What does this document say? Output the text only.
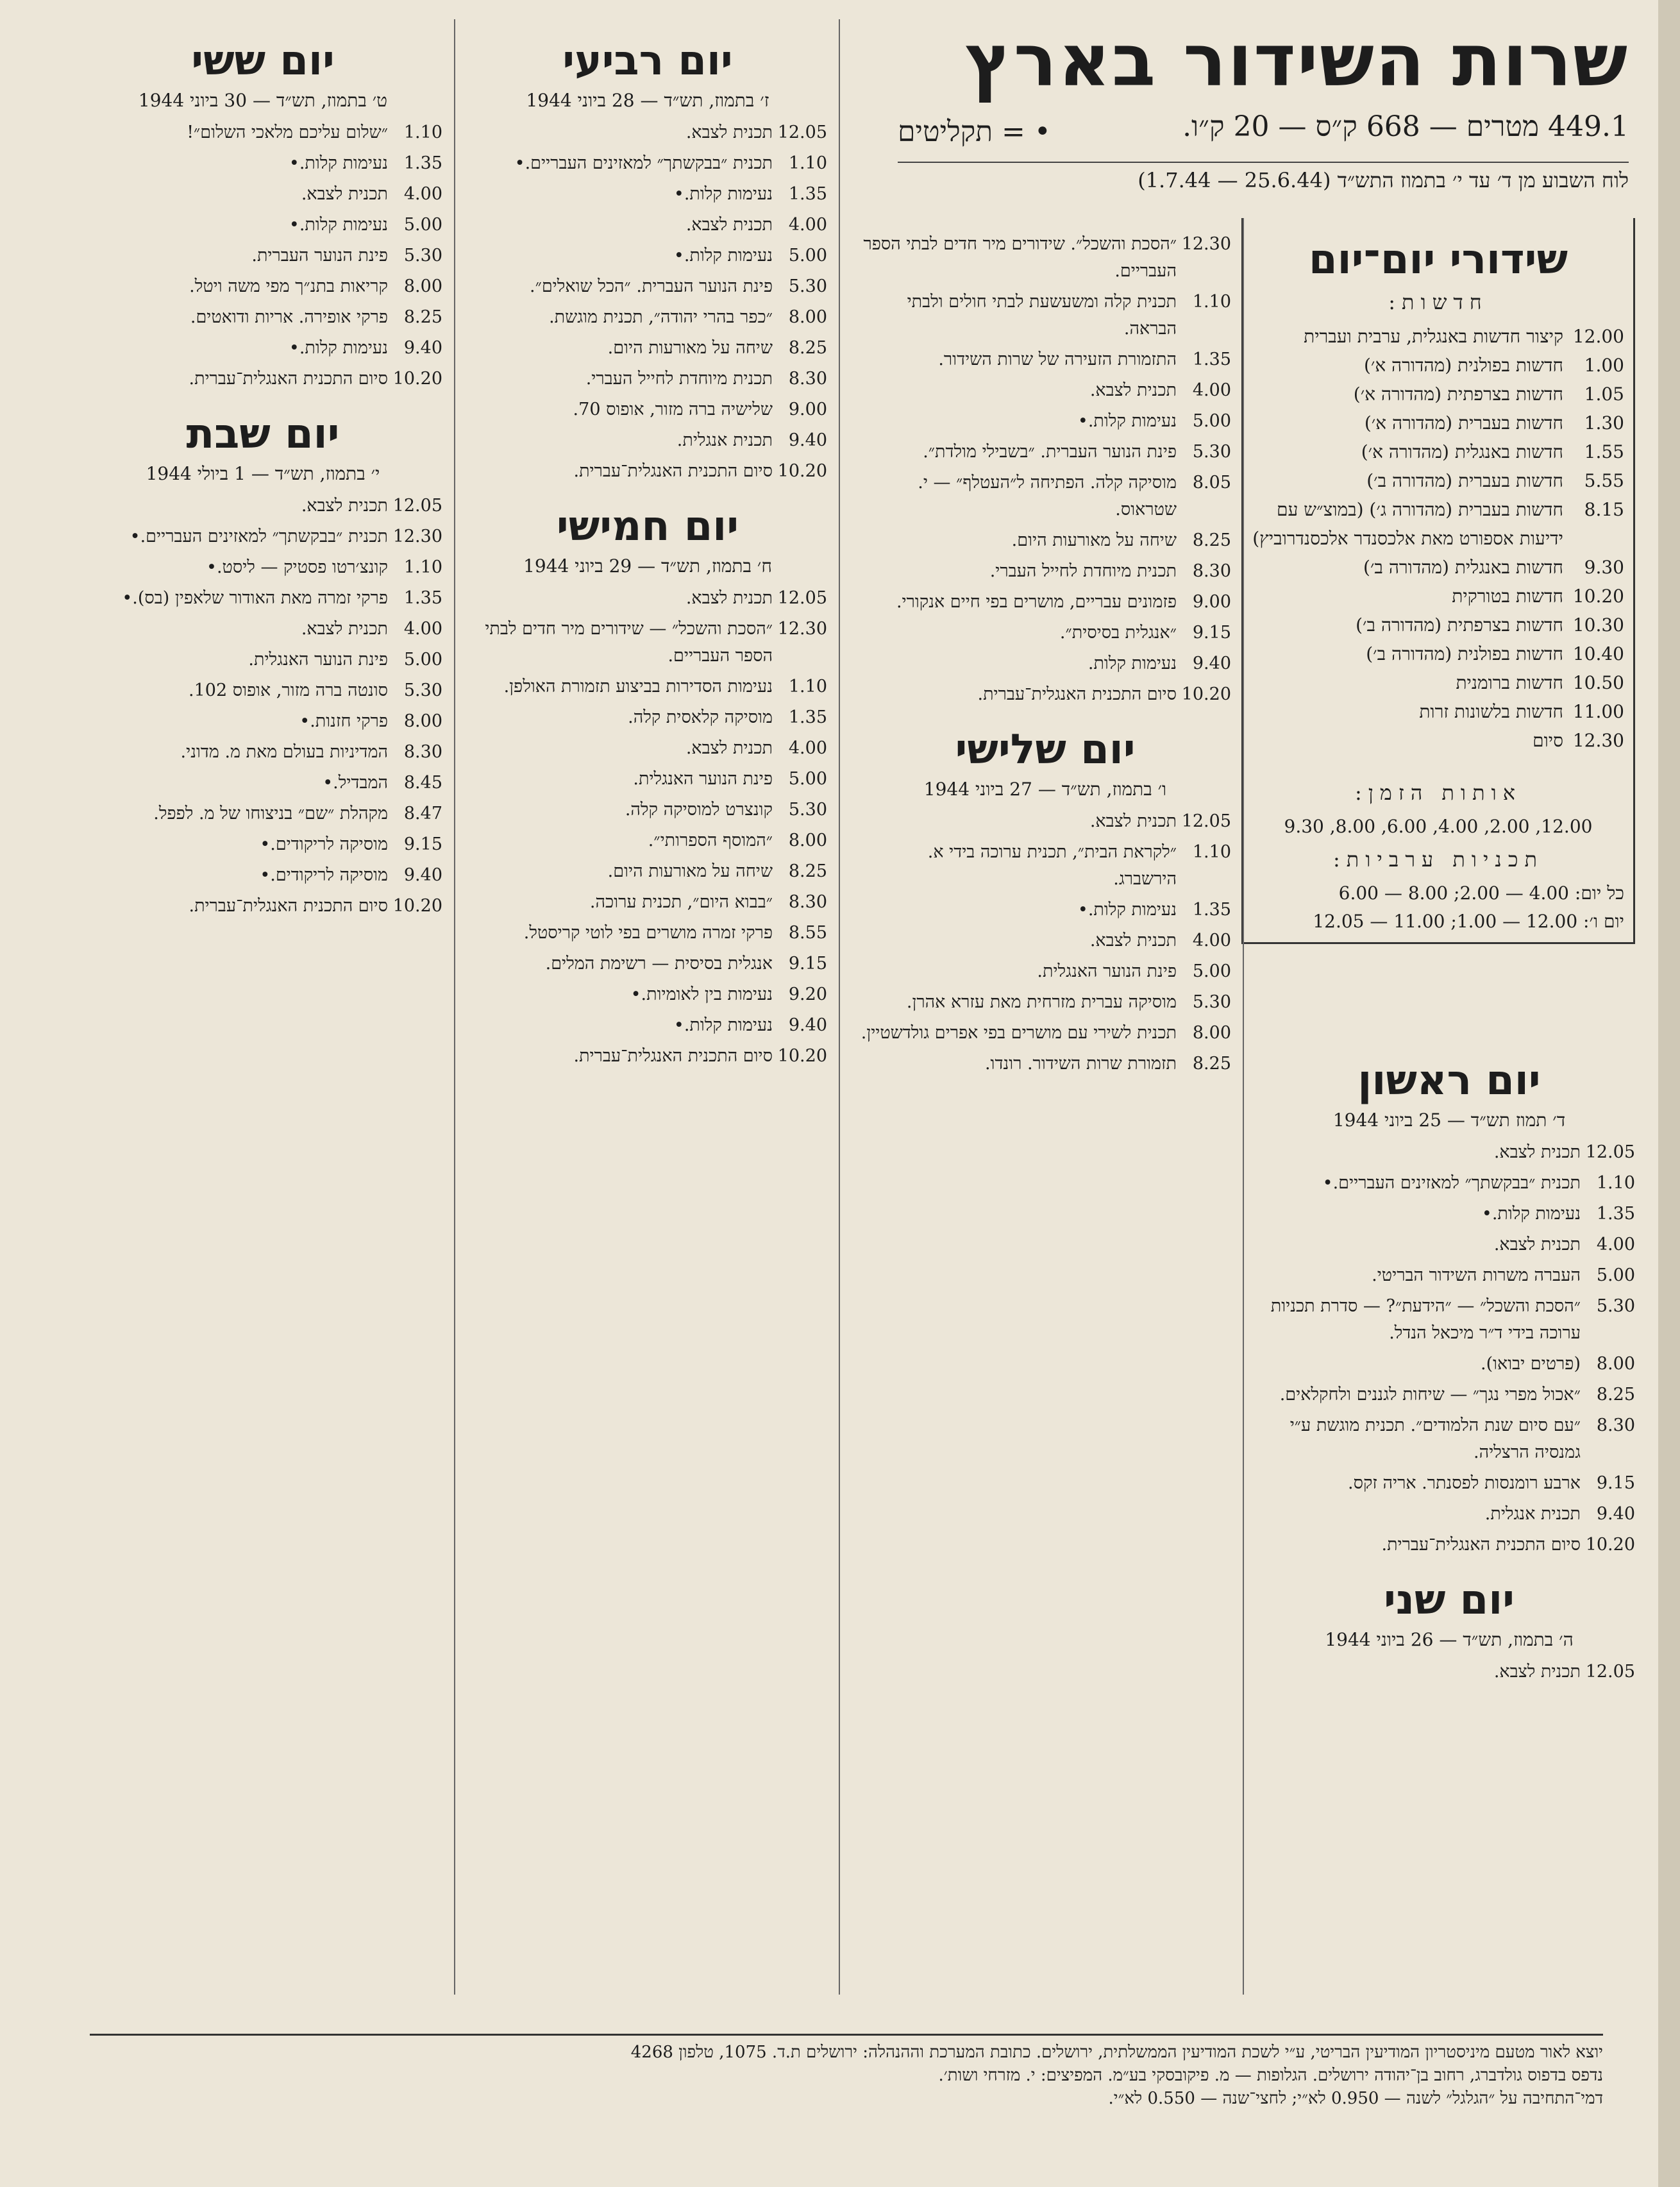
שרות השידור בארץ
449.1 מטרים — 668 ק״ס — 20 ק״ו.
• = תקליטים
לוח השבוע מן ד׳ עד י׳ בתמוז התש״ד (25.6.44 — 1.7.44)
שידורי יום־יום
חדשות:
12.00
קיצור חדשות באנגלית, ערבית ועברית
1.00
חדשות בפולנית (מהדורה א׳)
1.05
חדשות בצרפתית (מהדורה א׳)
1.30
חדשות בעברית (מהדורה א׳)
1.55
חדשות באנגלית (מהדורה א׳)
5.55
חדשות בעברית (מהדורה ב׳)
8.15
חדשות בעברית (מהדורה ג׳) (במוצ״ש עם ידיעות אספורט מאת אלכסנדר אלכסנדרוביץ)
9.30
חדשות באנגלית (מהדורה ב׳)
10.20
חדשות בטורקית
10.30
חדשות בצרפתית (מהדורה ב׳)
10.40
חדשות בפולנית (מהדורה ב׳)
10.50
חדשות ברומנית
11.00
חדשות בלשונות זרות
12.30
סיום
אותות הזמן:
12.00, 2.00, 4.00, 6.00, 8.00, 9.30
תכניות ערביות:
כל יום: 4.00 — 2.00; 8.00 — 6.00
יום ו׳: 12.00 — 1.00; 11.00 — 12.05
יום ראשון
ד׳ תמוז תש״ד — 25 ביוני 1944
12.05
תכנית לצבא.
1.10
תכנית ״בבקשתך״ למאזינים העבריים.•
1.35
נעימות קלות.•
4.00
תכנית לצבא.
5.00
העברה משרות השידור הבריטי.
5.30
״הסכת והשכל״ — ״הידעת״? — סדרת תכניות ערוכה בידי ד״ר מיכאל הנדל.
8.00
(פרטים יבואו).
8.25
״אכול מפרי נגך״ — שיחות לגננים ולחקלאים.
8.30
״עם סיום שנת הלמודים״. תכנית מוגשת ע״י גמנסיה הרצליה.
9.15
ארבע רומנסות לפסנתר. אריה זקס.
9.40
תכנית אנגלית.
10.20
סיום התכנית האנגלית־עברית.
יום שני
ה׳ בתמוז, תש״ד — 26 ביוני 1944
12.05
תכנית לצבא.
12.30
״הסכת והשכל״. שידורים מיר חדים לבתי הספר העבריים.
1.10
תכנית קלה ומשעשעת לבתי חולים ולבתי הבראה.
1.35
התזמורת הזעירה של שרות השידור.
4.00
תכנית לצבא.
5.00
נעימות קלות.•
5.30
פינת הנוער העברית. ״בשבילי מולדת״.
8.05
מוסיקה קלה. הפתיחה ל״העטלף״ — י. שטראוס.
8.25
שיחה על מאורעות היום.
8.30
תכנית מיוחדת לחייל העברי.
9.00
פזמונים עבריים, מושרים בפי חיים אנקורי.
9.15
״אנגלית בסיסית״.
9.40
נעימות קלות.
10.20
סיום התכנית האנגלית־עברית.
יום שלישי
ו׳ בתמוז, תש״ד — 27 ביוני 1944
12.05
תכנית לצבא.
1.10
״לקראת הבית״, תכנית ערוכה בידי א. הירשברג.
1.35
נעימות קלות.•
4.00
תכנית לצבא.
5.00
פינת הנוער האנגלית.
5.30
מוסיקה עברית מזרחית מאת עזרא אהרן.
8.00
תכנית לשירי עם מושרים בפי אפרים גולדשטיין.
8.25
תזמורת שרות השידור. רונדו.
יום רביעי
ז׳ בתמוז, תש״ד — 28 ביוני 1944
12.05
תכנית לצבא.
1.10
תכנית ״בבקשתך״ למאזינים העבריים.•
1.35
נעימות קלות.•
4.00
תכנית לצבא.
5.00
נעימות קלות.•
5.30
פינת הנוער העברית. ״הכל שואלים״.
8.00
״כפר בהרי יהודה״, תכנית מוגשת.
8.25
שיחה על מאורעות היום.
8.30
תכנית מיוחדת לחייל העברי.
9.00
שלישיה ברה מזור, אופוס 70.
9.40
תכנית אנגלית.
10.20
סיום התכנית האנגלית־עברית.
יום חמישי
ח׳ בתמוז, תש״ד — 29 ביוני 1944
12.05
תכנית לצבא.
12.30
״הסכת והשכל״ — שידורים מיר חדים לבתי הספר העבריים.
1.10
נעימות הסדירות בביצוע תזמורת האולפן.
1.35
מוסיקה קלאסית קלה.
4.00
תכנית לצבא.
5.00
פינת הנוער האנגלית.
5.30
קונצרט למוסיקה קלה.
8.00
״המוסף הספרותי״.
8.25
שיחה על מאורעות היום.
8.30
״בבוא היום״, תכנית ערוכה.
8.55
פרקי זמרה מושרים בפי לוטי קריסטל.
9.15
אנגלית בסיסית — רשימת המלים.
9.20
נעימות בין לאומיות.•
9.40
נעימות קלות.•
10.20
סיום התכנית האנגלית־עברית.
יום ששי
ט׳ בתמוז, תש״ד — 30 ביוני 1944
1.10
״שלום עליכם מלאכי השלום״!
1.35
נעימות קלות.•
4.00
תכנית לצבא.
5.00
נעימות קלות.•
5.30
פינת הנוער העברית.
8.00
קריאות בתנ״ך מפי משה ויטל.
8.25
פרקי אופירה. אריות ודואטים.
9.40
נעימות קלות.•
10.20
סיום התכנית האנגלית־עברית.
יום שבת
י׳ בתמוז, תש״ד — 1 ביולי 1944
12.05
תכנית לצבא.
12.30
תכנית ״בבקשתך״ למאזינים העבריים.•
1.10
קונצ׳רטו פסטיק — ליסט.•
1.35
פרקי זמרה מאת האודור שלאפין (בס).•
4.00
תכנית לצבא.
5.00
פינת הנוער האנגלית.
5.30
סונטה ברה מזור, אופוס 102.
8.00
פרקי חזנות.•
8.30
המדיניות בעולם מאת מ. מדוני.
8.45
המבדיל.•
8.47
מקהלת ״שם״ בניצוחו של מ. לפפל.
9.15
מוסיקה לריקודים.•
9.40
מוסיקה לריקודים.•
10.20
סיום התכנית האנגלית־עברית.
יוצא לאור מטעם מיניסטריון המודיעין הבריטי, ע״י לשכת המודיעין הממשלתית, ירושלים. כתובת המערכת וההנהלה: ירושלים ת.ד. 1075, טלפון 4268
נדפס בדפוס גולדברג, רחוב בן־יהודה ירושלים. הגלופות — מ. פיקובסקי בע״מ. המפיצים: י. מזרחי ושות׳.
דמי־התחיבה על ״הגלגל״ לשנה — 0.950 לא״י; לחצי־שנה — 0.550 לא״י.
